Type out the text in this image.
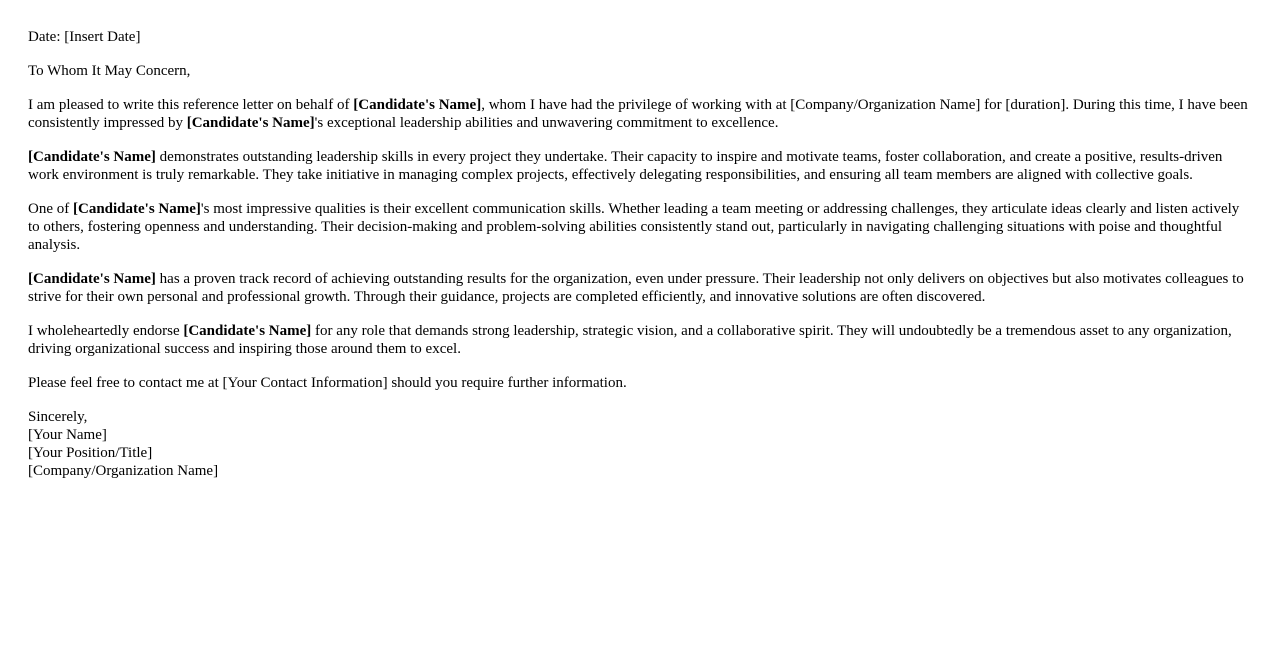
Date: [Insert Date]

To Whom It May Concern,

I am pleased to write this reference letter on behalf of [Candidate's Name], whom I have had the privilege of working with at [Company/Organization Name] for [duration]. During this time, I have been consistently impressed by [Candidate's Name]'s exceptional leadership abilities and unwavering commitment to excellence.

[Candidate's Name] demonstrates outstanding leadership skills in every project they undertake. Their capacity to inspire and motivate teams, foster collaboration, and create a positive, results-driven work environment is truly remarkable. They take initiative in managing complex projects, effectively delegating responsibilities, and ensuring all team members are aligned with collective goals.

One of [Candidate's Name]'s most impressive qualities is their excellent communication skills. Whether leading a team meeting or addressing challenges, they articulate ideas clearly and listen actively to others, fostering openness and understanding. Their decision-making and problem-solving abilities consistently stand out, particularly in navigating challenging situations with poise and thoughtful analysis.

[Candidate's Name] has a proven track record of achieving outstanding results for the organization, even under pressure. Their leadership not only delivers on objectives but also motivates colleagues to strive for their own personal and professional growth. Through their guidance, projects are completed efficiently, and innovative solutions are often discovered.

I wholeheartedly endorse [Candidate's Name] for any role that demands strong leadership, strategic vision, and a collaborative spirit. They will undoubtedly be a tremendous asset to any organization, driving organizational success and inspiring those around them to excel.

Please feel free to contact me at [Your Contact Information] should you require further information.

Sincerely,
[Your Name]
[Your Position/Title]
[Company/Organization Name]
